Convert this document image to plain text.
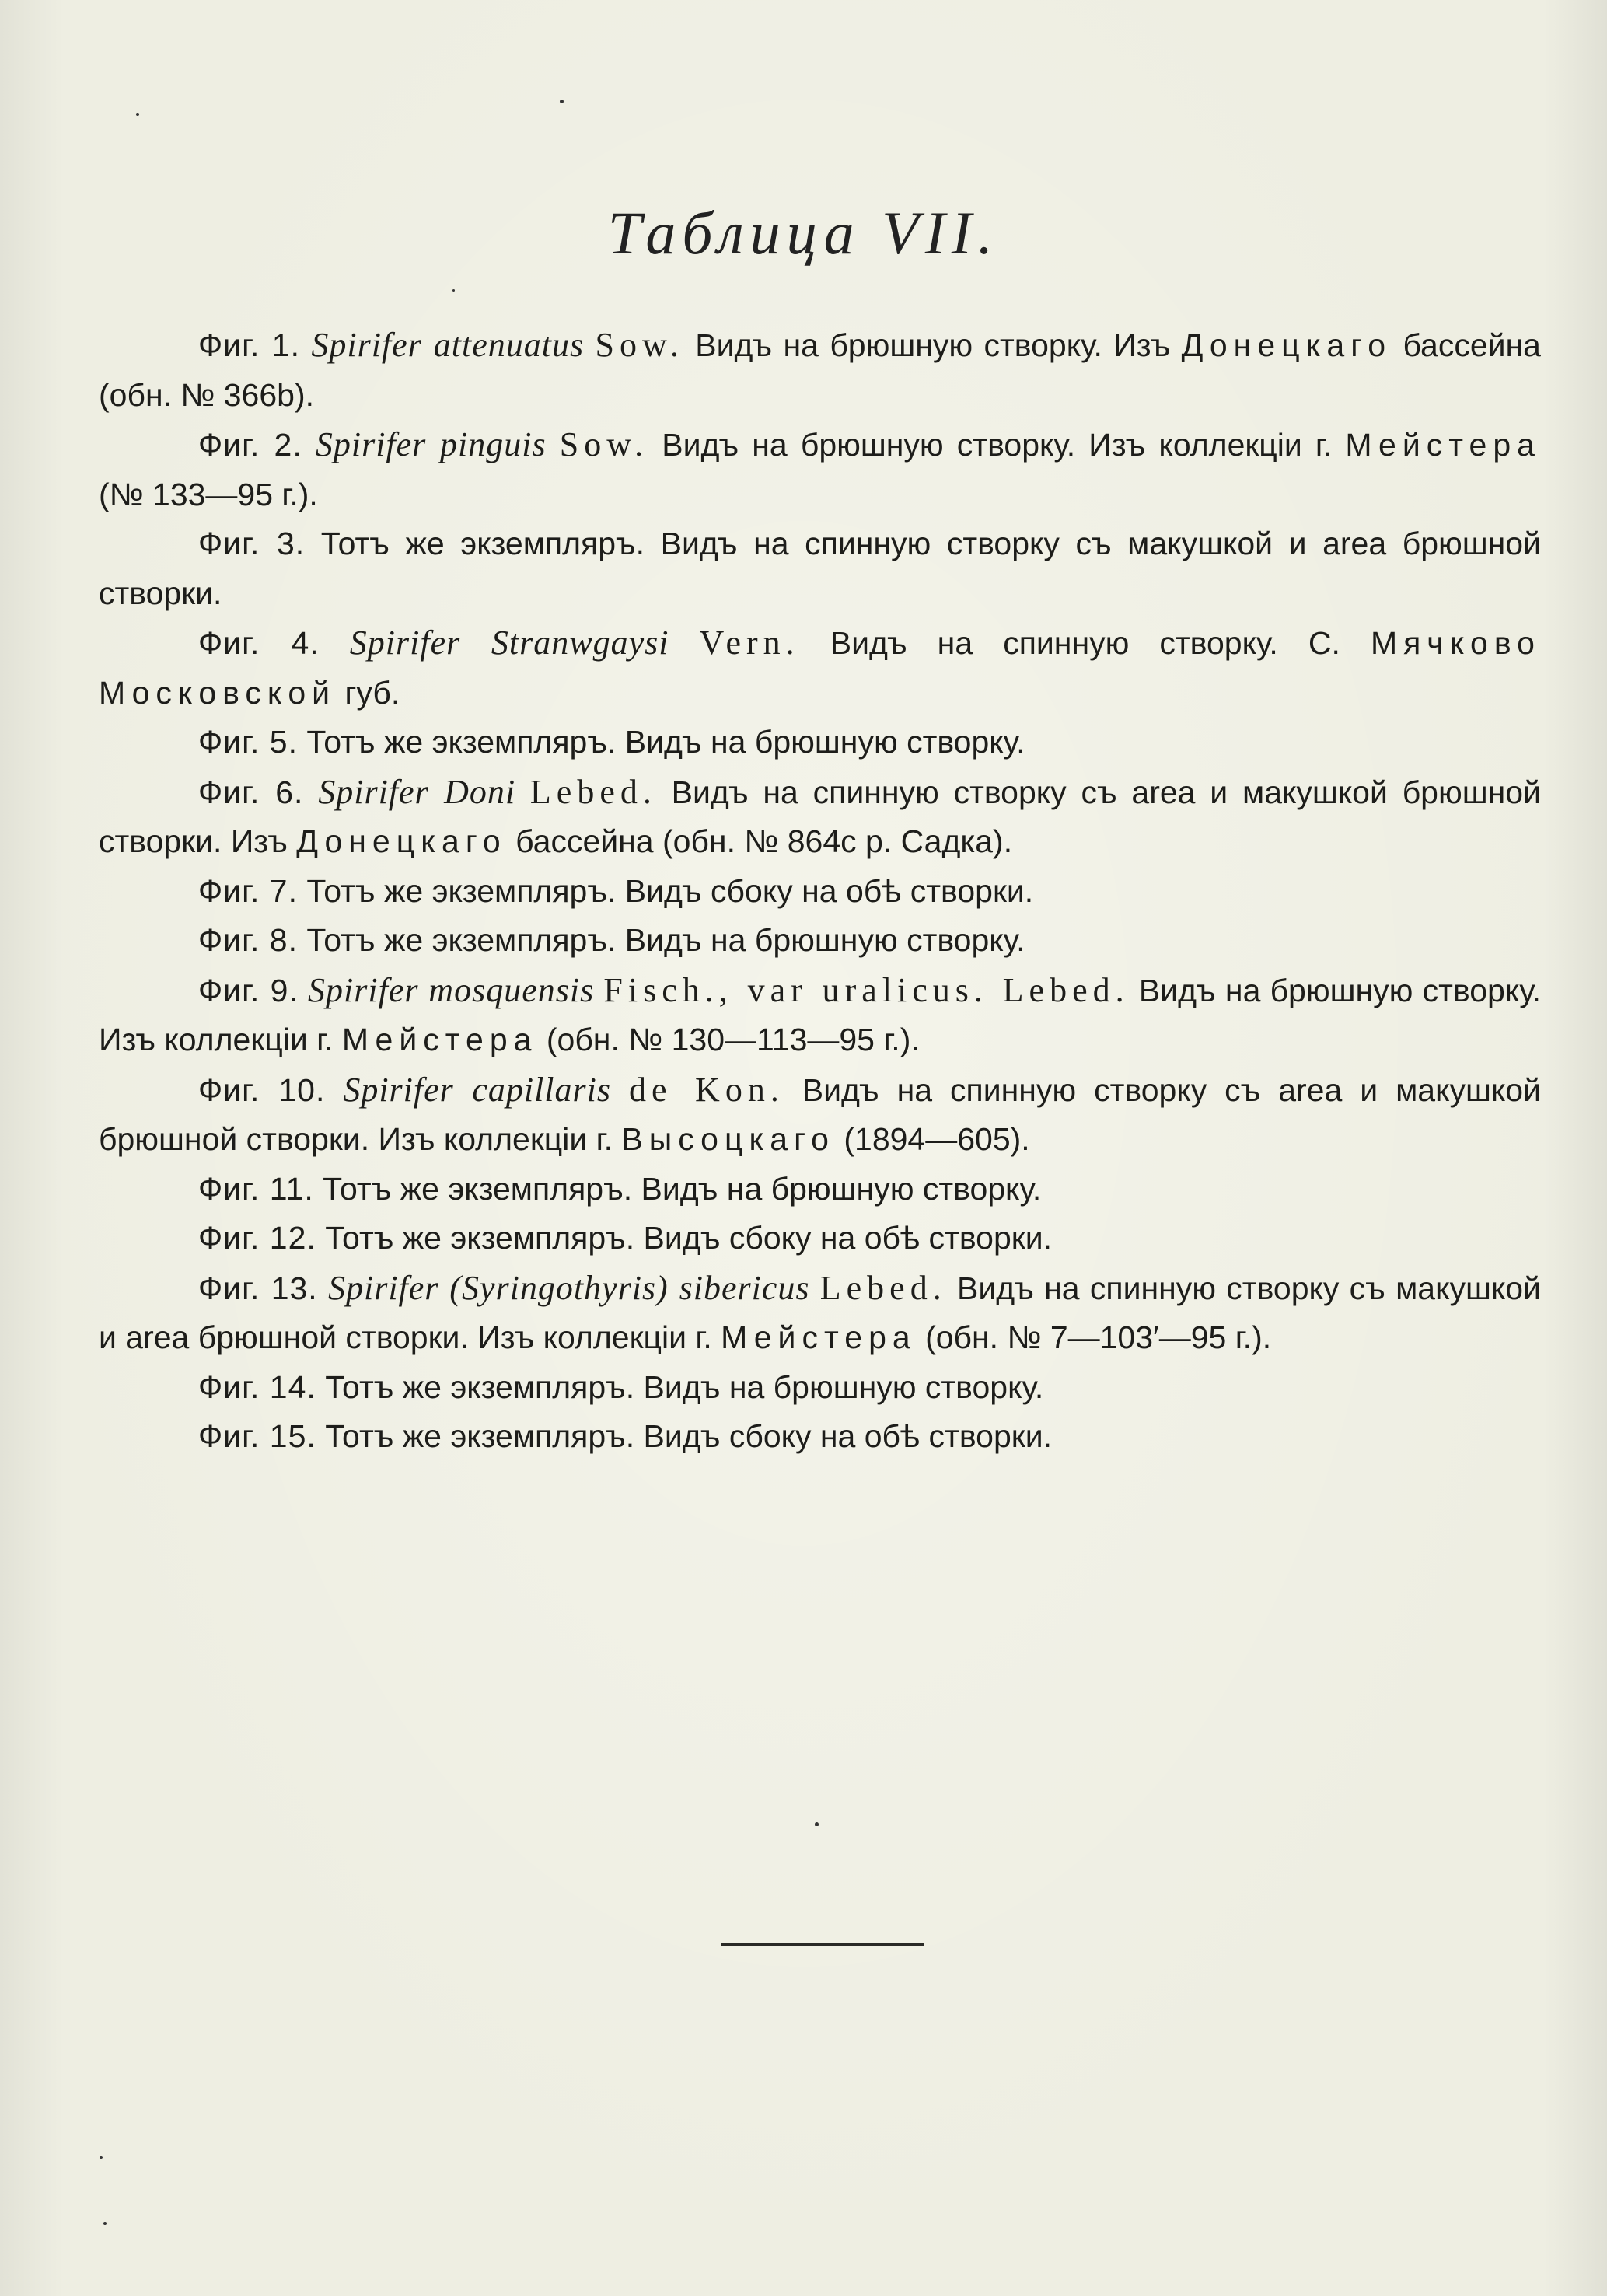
Таблица VII.

Фиг. 1. Spirifer attenuatus Sow. Видъ на брюшную створку. Изъ Донецкаго бассейна (обн. № 366b).

Фиг. 2. Spirifer pinguis Sow. Видъ на брюшную створку. Изъ коллекціи г. Мейстера (№ 133—95 г.).

Фиг. 3. Тотъ же экземпляръ. Видъ на спинную створку съ макушкой и area брюшной створки.

Фиг. 4. Spirifer Stranwgaysi Vern. Видъ на спинную створку. С. Мячково Московской губ.

Фиг. 5. Тотъ же экземпляръ. Видъ на брюшную створку.

Фиг. 6. Spirifer Doni Lebed. Видъ на спинную створку съ area и макушкой брюшной створки. Изъ Донецкаго бассейна (обн. № 864с р. Садка).

Фиг. 7. Тотъ же экземпляръ. Видъ сбоку на обѣ створки.

Фиг. 8. Тотъ же экземпляръ. Видъ на брюшную створку.

Фиг. 9. Spirifer mosquensis Fisch., var uralicus. Lebed. Видъ на брюшную створку. Изъ коллекціи г. Мейстера (обн. № 130—113—95 г.).

Фиг. 10. Spirifer capillaris de Kon. Видъ на спинную створку съ area и макушкой брюшной створки. Изъ коллекціи г. Высоцкаго (1894—605).

Фиг. 11. Тотъ же экземпляръ. Видъ на брюшную створку.

Фиг. 12. Тотъ же экземпляръ. Видъ сбоку на обѣ створки.

Фиг. 13. Spirifer (Syringothyris) sibericus Lebed. Видъ на спинную створку съ макушкой и area брюшной створки. Изъ коллекціи г. Мейстера (обн. № 7—103′—95 г.).

Фиг. 14. Тотъ же экземпляръ. Видъ на брюшную створку.

Фиг. 15. Тотъ же экземпляръ. Видъ сбоку на обѣ створки.
